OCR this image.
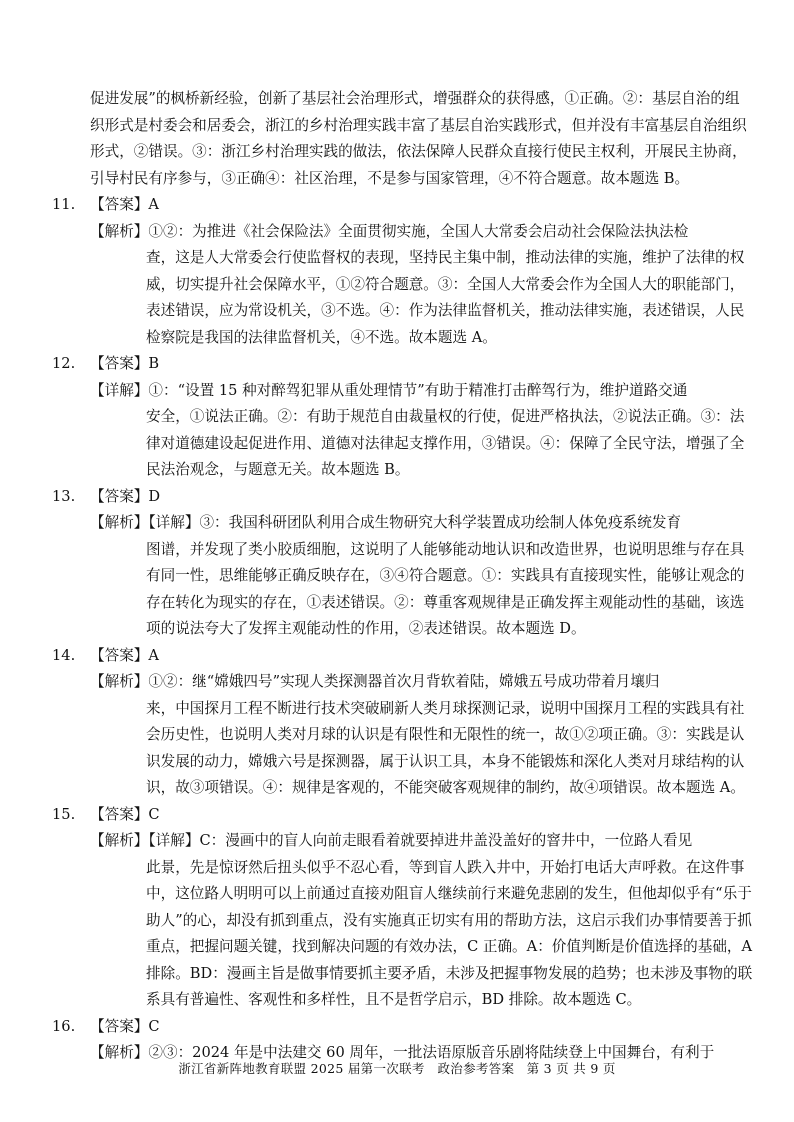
促进发展”的枫桥新经验，创新了基层社会治理形式，增强群众的获得感，①正确。②：基层自治的组织形式是村委会和居委会，浙江的乡村治理实践丰富了基层自治实践形式，但并没有丰富基层自治组织形式，②错误。③：浙江乡村治理实践的做法，依法保障人民群众直接行使民主权利，开展民主协商，引导村民有序参与，③正确④：社区治理，不是参与国家管理，④不符合题意。故本题选 B。
11. 【答案】A
【解析】①②：为推进《社会保险法》全面贯彻实施，全国人大常委会启动社会保险法执法检
查，这是人大常委会行使监督权的表现，坚持民主集中制，推动法律的实施，维护了法律的权威，切实提升社会保障水平，①②符合题意。③：全国人大常委会作为全国人大的职能部门，表述错误，应为常设机关，③不选。④：作为法律监督机关，推动法律实施，表述错误，人民检察院是我国的法律监督机关，④不选。故本题选 A。
12. 【答案】B
【详解】①：“设置 15 种对醉驾犯罪从重处理情节”有助于精准打击醉驾行为，维护道路交通
安全，①说法正确。②：有助于规范自由裁量权的行使，促进严格执法，②说法正确。③：法律对道德建设起促进作用、道德对法律起支撑作用，③错误。④：保障了全民守法，增强了全民法治观念，与题意无关。故本题选 B。
13. 【答案】D
【解析】【详解】③：我国科研团队利用合成生物研究大科学装置成功绘制人体免疫系统发育
图谱，并发现了类小胶质细胞，这说明了人能够能动地认识和改造世界，也说明思维与存在具有同一性，思维能够正确反映存在，③④符合题意。①：实践具有直接现实性，能够让观念的存在转化为现实的存在，①表述错误。②：尊重客观规律是正确发挥主观能动性的基础，该选项的说法夸大了发挥主观能动性的作用，②表述错误。故本题选 D。
14. 【答案】A
【解析】①②：继“嫦娥四号”实现人类探测器首次月背软着陆，嫦娥五号成功带着月壤归
来，中国探月工程不断进行技术突破刷新人类月球探测记录，说明中国探月工程的实践具有社会历史性，也说明人类对月球的认识是有限性和无限性的统一，故①②项正确。③：实践是认识发展的动力，嫦娥六号是探测器，属于认识工具，本身不能锻炼和深化人类对月球结构的认识，故③项错误。④：规律是客观的，不能突破客观规律的制约，故④项错误。故本题选 A。
15. 【答案】C
【解析】【详解】C：漫画中的盲人向前走眼看着就要掉进井盖没盖好的窨井中，一位路人看见
此景，先是惊讶然后扭头似乎不忍心看，等到盲人跌入井中，开始打电话大声呼救。在这件事中，这位路人明明可以上前通过直接劝阻盲人继续前行来避免悲剧的发生，但他却似乎有“乐于助人”的心，却没有抓到重点，没有实施真正切实有用的帮助方法，这启示我们办事情要善于抓重点，把握问题关键，找到解决问题的有效办法，C 正确。A：价值判断是价值选择的基础，A 排除。BD：漫画主旨是做事情要抓主要矛盾，未涉及把握事物发展的趋势；也未涉及事物的联系具有普遍性、客观性和多样性，且不是哲学启示，BD 排除。故本题选 C。
16. 【答案】C
【解析】②③：2024 年是中法建交 60 周年，一批法语原版音乐剧将陆续登上中国舞台，有利于
浙江省新阵地教育联盟 2025 届第一次联考　政治参考答案 第 3 页 共 9 页
